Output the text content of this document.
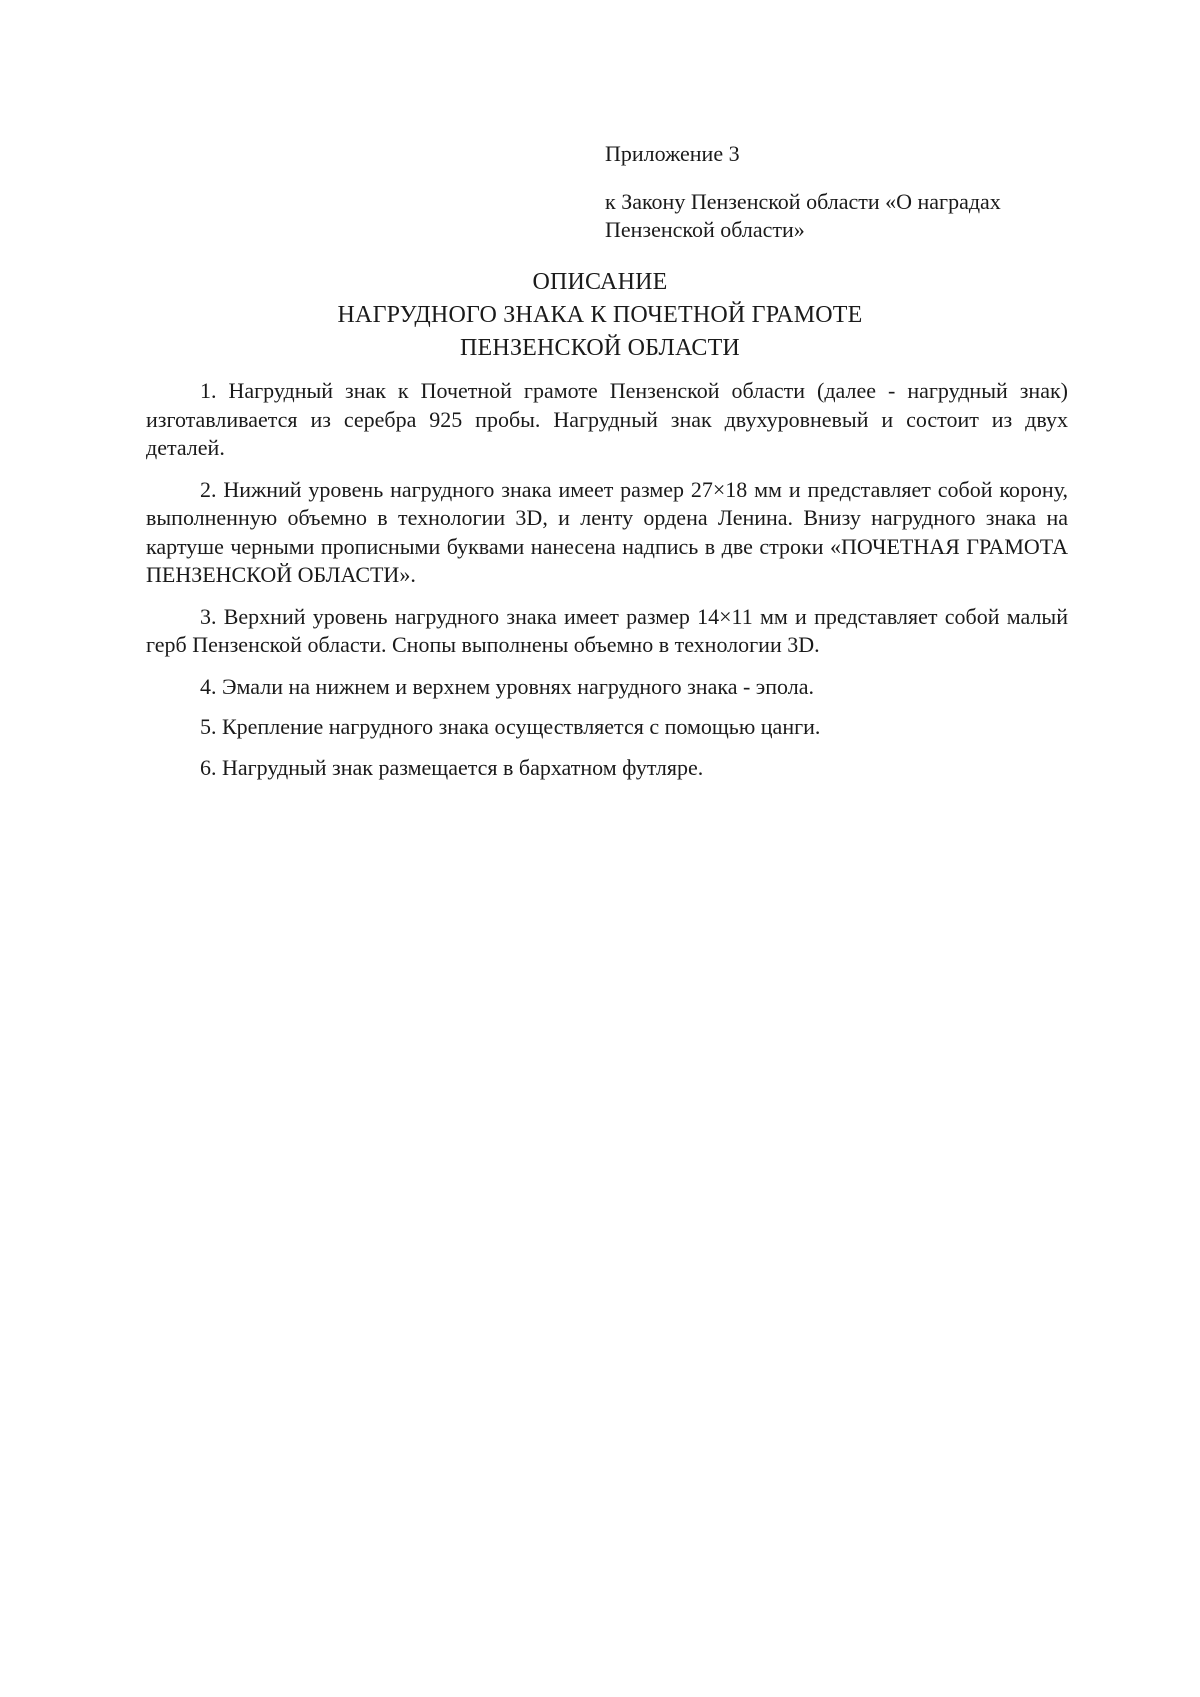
Приложение 3

к Закону Пензенской области «О наградах Пензенской области»

ОПИСАНИЕ
НАГРУДНОГО ЗНАКА К ПОЧЕТНОЙ ГРАМОТЕ
ПЕНЗЕНСКОЙ ОБЛАСТИ

1. Нагрудный знак к Почетной грамоте Пензенской области (далее - нагрудный знак) изготавливается из серебра 925 пробы. Нагрудный знак двухуровневый и состоит из двух деталей.

2. Нижний уровень нагрудного знака имеет размер 27×18 мм и представляет собой корону, выполненную объемно в технологии 3D, и ленту ордена Ленина. Внизу нагрудного знака на картуше черными прописными буквами нанесена надпись в две строки «ПОЧЕТНАЯ ГРАМОТА ПЕНЗЕНСКОЙ ОБЛАСТИ».

3. Верхний уровень нагрудного знака имеет размер 14×11 мм и представляет собой малый герб Пензенской области. Снопы выполнены объемно в технологии 3D.

4. Эмали на нижнем и верхнем уровнях нагрудного знака - эпола.

5. Крепление нагрудного знака осуществляется с помощью цанги.

6. Нагрудный знак размещается в бархатном футляре.
